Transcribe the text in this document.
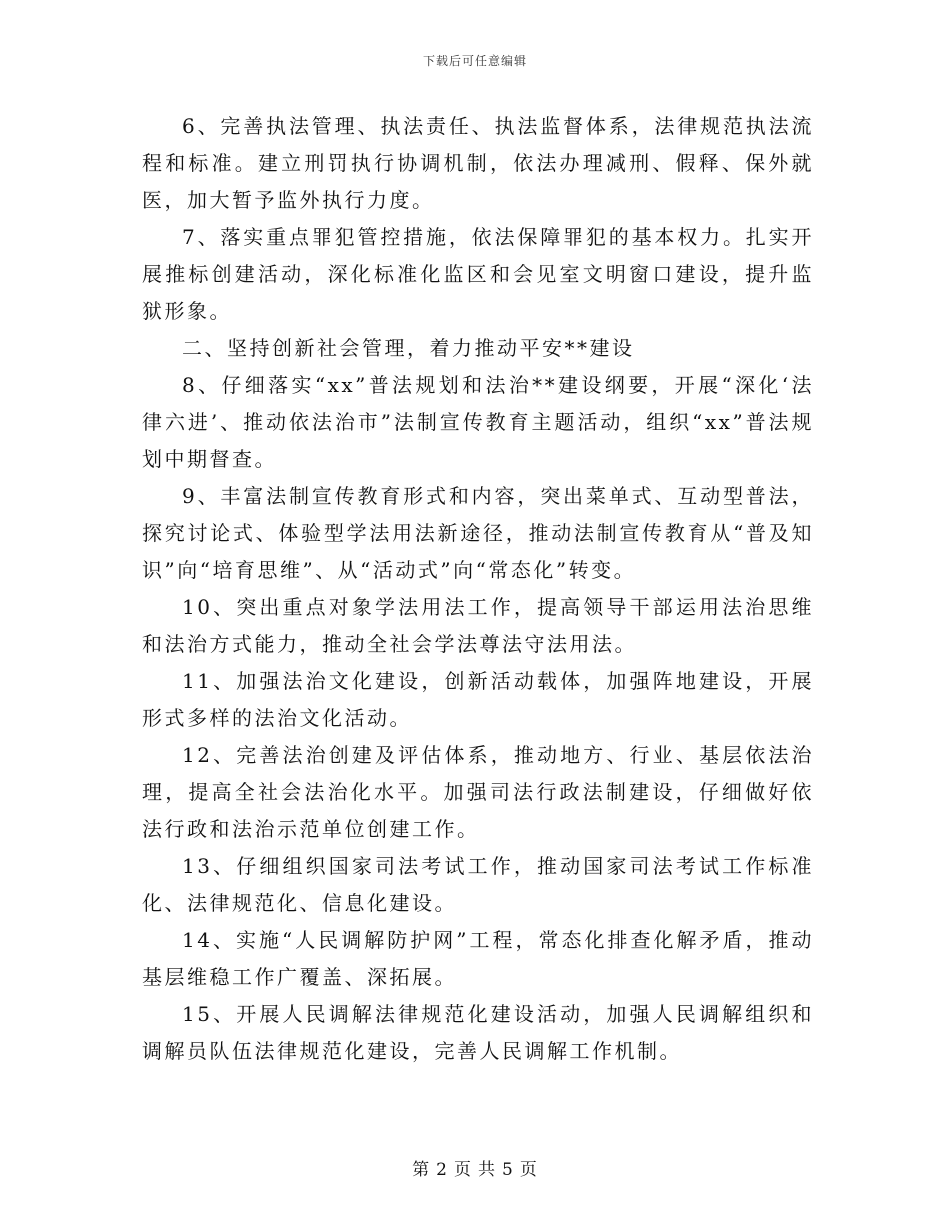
下载后可任意编辑

6、完善执法管理、执法责任、执法监督体系，法律规范执法流程和标准。建立刑罚执行协调机制，依法办理减刑、假释、保外就医，加大暂予监外执行力度。

7、落实重点罪犯管控措施，依法保障罪犯的基本权力。扎实开展推标创建活动，深化标准化监区和会见室文明窗口建设，提升监狱形象。

二、坚持创新社会管理，着力推动平安**建设

8、仔细落实“xx”普法规划和法治**建设纲要，开展“深化‘法律六进’、推动依法治市”法制宣传教育主题活动，组织“xx”普法规划中期督查。

9、丰富法制宣传教育形式和内容，突出菜单式、互动型普法，探究讨论式、体验型学法用法新途径，推动法制宣传教育从“普及知识”向“培育思维”、从“活动式”向“常态化”转变。

10、突出重点对象学法用法工作，提高领导干部运用法治思维和法治方式能力，推动全社会学法尊法守法用法。

11、加强法治文化建设，创新活动载体，加强阵地建设，开展形式多样的法治文化活动。

12、完善法治创建及评估体系，推动地方、行业、基层依法治理，提高全社会法治化水平。加强司法行政法制建设，仔细做好依法行政和法治示范单位创建工作。

13、仔细组织国家司法考试工作，推动国家司法考试工作标准化、法律规范化、信息化建设。

14、实施“人民调解防护网”工程，常态化排查化解矛盾，推动基层维稳工作广覆盖、深拓展。

15、开展人民调解法律规范化建设活动，加强人民调解组织和调解员队伍法律规范化建设，完善人民调解工作机制。

第 2 页 共 5 页
